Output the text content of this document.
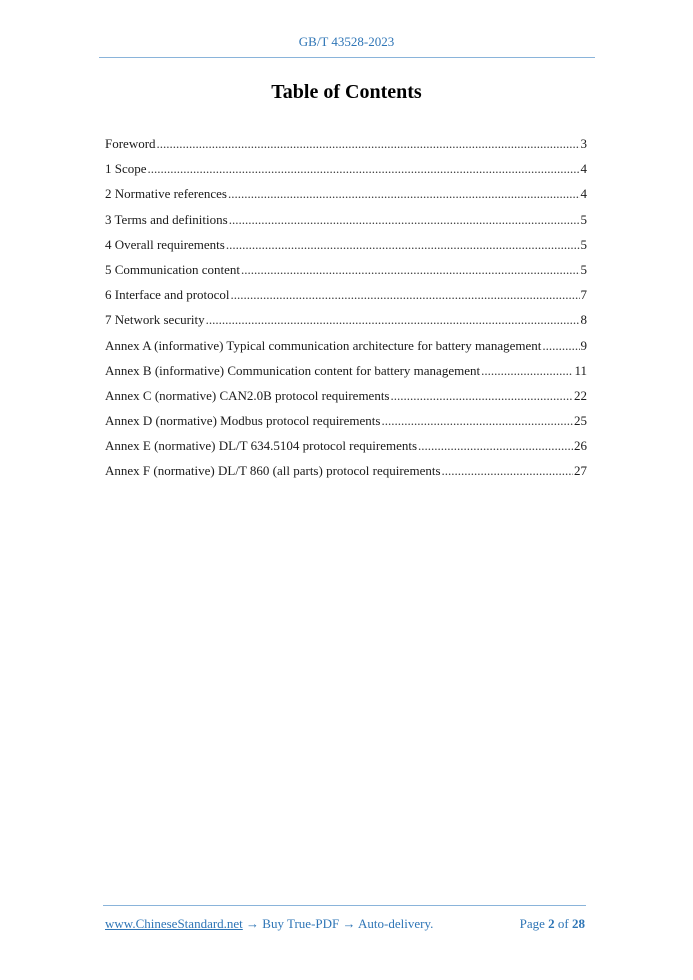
GB/T 43528-2023
Table of Contents
Foreword .....	3
1 Scope .....	4
2 Normative references .....	4
3 Terms and definitions .....	5
4 Overall requirements .....	5
5 Communication content .....	5
6 Interface and protocol .....	7
7 Network security .....	8
Annex A (informative) Typical communication architecture for battery management .....	9
Annex B (informative) Communication content for battery management .....	11
Annex C (normative) CAN2.0B protocol requirements .....	22
Annex D (normative) Modbus protocol requirements .....	25
Annex E (normative) DL/T 634.5104 protocol requirements .....	26
Annex F (normative) DL/T 860 (all parts) protocol requirements .....	27
www.ChineseStandard.net → Buy True-PDF → Auto-delivery.	Page 2 of 28
